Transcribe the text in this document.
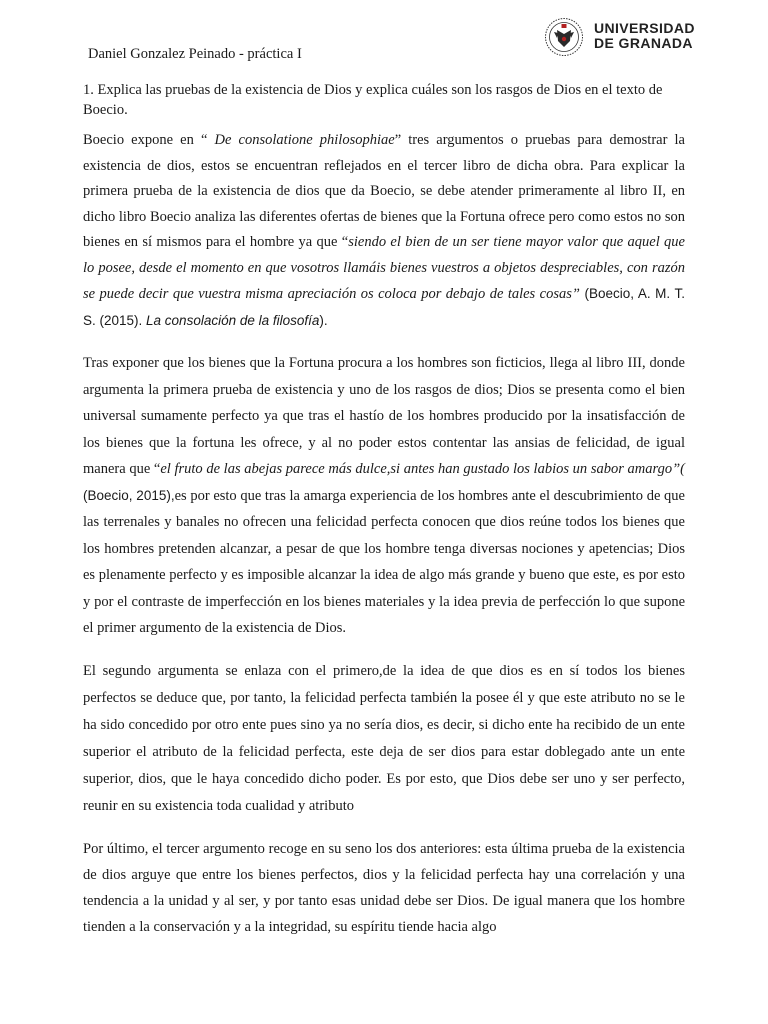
Daniel Gonzalez Peinado - práctica I
UNIVERSIDAD
DE GRANADA

1. Explica las pruebas de la existencia de Dios y explica cuáles son los rasgos de Dios en el texto de Boecio.

Boecio expone en “ De consolatione philosophiae” tres argumentos o pruebas para demostrar la existencia de dios, estos se encuentran reflejados en el tercer libro de dicha obra. Para explicar la primera prueba de la existencia de dios que da Boecio, se debe atender primeramente al libro II, en dicho libro Boecio analiza las diferentes ofertas de bienes que la Fortuna ofrece pero como estos no son bienes en sí mismos para el hombre ya que “siendo el bien de un ser tiene mayor valor que aquel que lo posee, desde el momento en que vosotros llamáis bienes vuestros a objetos despreciables, con razón se puede decir que vuestra misma apreciación os coloca por debajo de tales cosas” (Boecio, A. M. T. S. (2015). La consolación de la filosofía).

Tras exponer que los bienes que la Fortuna procura a los hombres son ficticios, llega al libro III, donde argumenta la primera prueba de existencia y uno de los rasgos de dios; Dios se presenta como el bien universal sumamente perfecto ya que tras el hastío de los hombres producido por la insatisfacción de los bienes que la fortuna les ofrece, y al no poder estos contentar las ansias de felicidad, de igual manera que “el fruto de las abejas parece más dulce,si antes han gustado los labios un sabor amargo”( (Boecio, 2015),es por esto que tras la amarga experiencia de los hombres ante el descubrimiento de que las terrenales y banales no ofrecen una felicidad perfecta conocen que dios reúne todos los bienes que los hombres pretenden alcanzar, a pesar de que los hombre tenga diversas nociones y apetencias; Dios es plenamente perfecto y es imposible alcanzar la idea de algo más grande y bueno que este, es por esto y por el contraste de imperfección en los bienes materiales y la idea previa de perfección lo que supone el primer argumento de la existencia de Dios.

El segundo argumenta se enlaza con el primero,de la idea de que dios es en sí todos los bienes perfectos se deduce que, por tanto, la felicidad perfecta también la posee él y que este atributo no se le ha sido concedido por otro ente pues sino ya no sería dios, es decir, si dicho ente ha recibido de un ente superior el atributo de la felicidad perfecta, este deja de ser dios para estar doblegado ante un ente superior, dios, que le haya concedido dicho poder. Es por esto, que Dios debe ser uno y ser perfecto, reunir en su existencia toda cualidad y atributo

Por último, el tercer argumento recoge en su seno los dos anteriores: esta última prueba de la existencia de dios arguye que entre los bienes perfectos, dios y la felicidad perfecta hay una correlación y una tendencia a la unidad y al ser, y por tanto esas unidad debe ser Dios. De igual manera que los hombre tienden a la conservación y a la integridad, su espíritu tiende hacia algo
